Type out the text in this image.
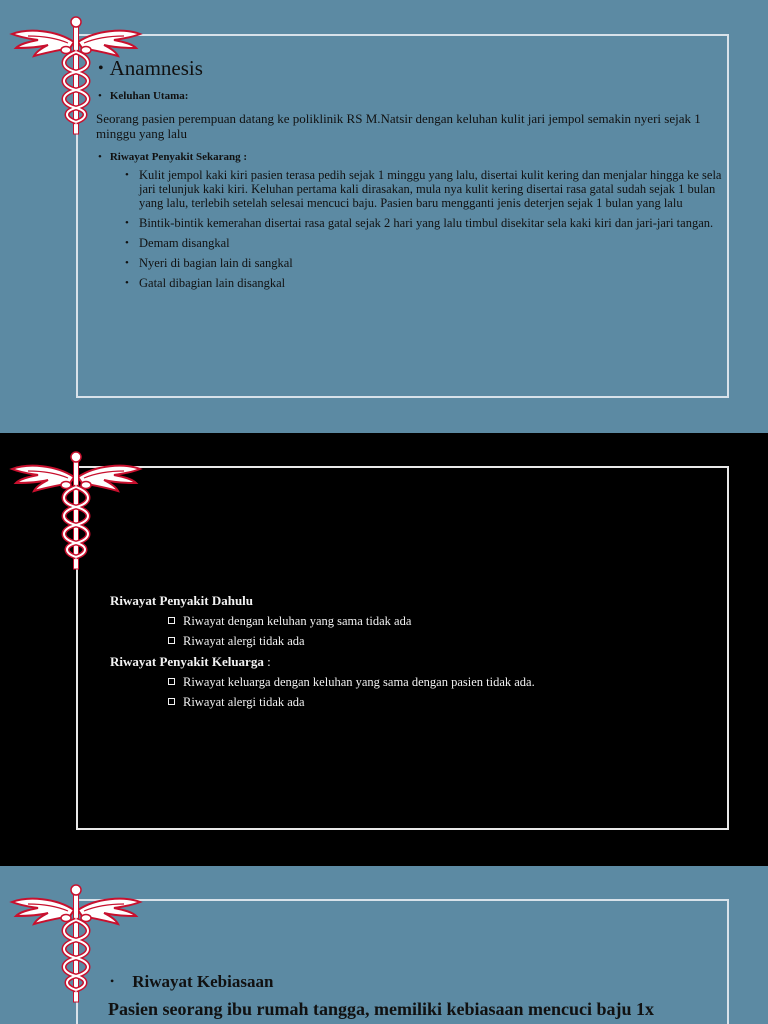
• Anamnesis
• Keluhan Utama:
Seorang pasien perempuan datang ke poliklinik RS M.Natsir dengan keluhan kulit jari jempol semakin nyeri sejak 1 minggu yang lalu
• Riwayat Penyakit Sekarang :
• Kulit jempol kaki kiri pasien terasa pedih sejak 1 minggu yang lalu, disertai kulit kering dan menjalar hingga ke sela jari telunjuk kaki kiri. Keluhan pertama kali dirasakan, mula nya kulit kering disertai rasa gatal sudah sejak 1 bulan yang lalu, terlebih setelah selesai mencuci baju. Pasien baru mengganti jenis deterjen sejak 1 bulan yang lalu
• Bintik-bintik kemerahan disertai rasa gatal sejak 2 hari yang lalu timbul disekitar sela kaki kiri dan jari-jari tangan.
• Demam disangkal
• Nyeri di bagian lain di sangkal
• Gatal dibagian lain disangkal
Riwayat Penyakit Dahulu
Riwayat dengan keluhan yang sama tidak ada
Riwayat alergi tidak ada
Riwayat Penyakit Keluarga :
Riwayat keluarga dengan keluhan yang sama dengan pasien tidak ada.
Riwayat alergi tidak ada
• Riwayat Kebiasaan
Pasien seorang ibu rumah tangga, memiliki kebiasaan mencuci baju 1x
